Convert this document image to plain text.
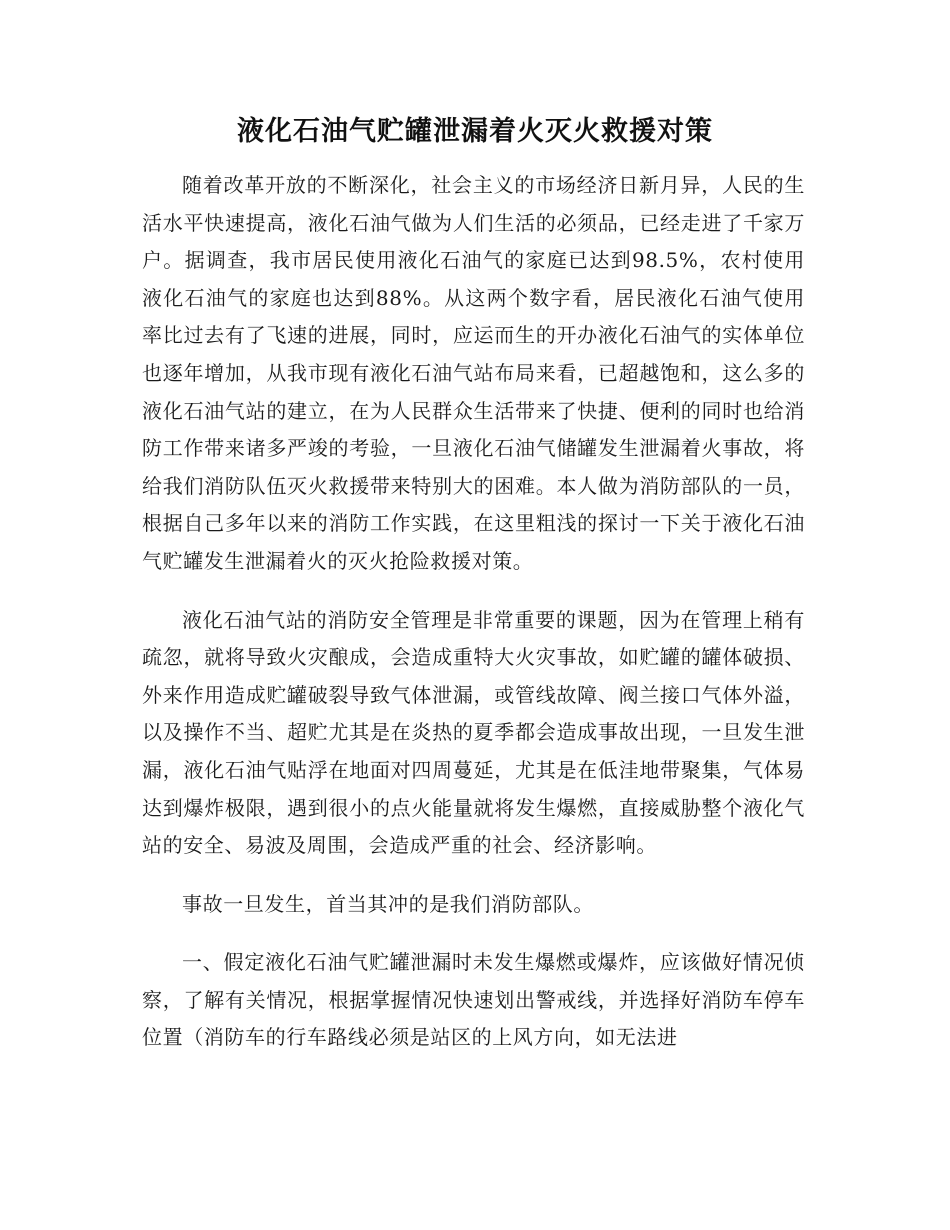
液化石油气贮罐泄漏着火灭火救援对策

随着改革开放的不断深化，社会主义的市场经济日新月异，人民的生活水平快速提高，液化石油气做为人们生活的必须品，已经走进了千家万户。据调查，我市居民使用液化石油气的家庭已达到98.5%，农村使用液化石油气的家庭也达到88%。从这两个数字看，居民液化石油气使用率比过去有了飞速的进展，同时，应运而生的开办液化石油气的实体单位也逐年增加，从我市现有液化石油气站布局来看，已超越饱和，这么多的液化石油气站的建立，在为人民群众生活带来了快捷、便利的同时也给消防工作带来诸多严竣的考验，一旦液化石油气储罐发生泄漏着火事故，将给我们消防队伍灭火救援带来特别大的困难。本人做为消防部队的一员，根据自己多年以来的消防工作实践，在这里粗浅的探讨一下关于液化石油气贮罐发生泄漏着火的灭火抢险救援对策。

液化石油气站的消防安全管理是非常重要的课题，因为在管理上稍有疏忽，就将导致火灾酿成，会造成重特大火灾事故，如贮罐的罐体破损、外来作用造成贮罐破裂导致气体泄漏，或管线故障、阀兰接口气体外溢，以及操作不当、超贮尤其是在炎热的夏季都会造成事故出现，一旦发生泄漏，液化石油气贴浮在地面对四周蔓延，尤其是在低洼地带聚集，气体易达到爆炸极限，遇到很小的点火能量就将发生爆燃，直接威胁整个液化气站的安全、易波及周围，会造成严重的社会、经济影响。

事故一旦发生，首当其冲的是我们消防部队。

一、假定液化石油气贮罐泄漏时未发生爆燃或爆炸，应该做好情况侦察，了解有关情况，根据掌握情况快速划出警戒线，并选择好消防车停车位置（消防车的行车路线必须是站区的上风方向，如无法进
